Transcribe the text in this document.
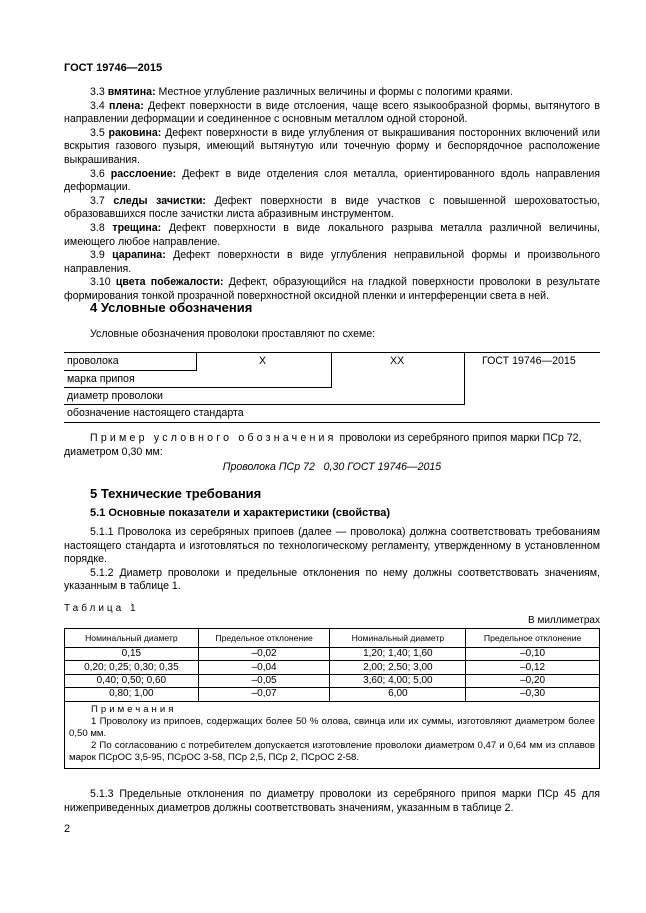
ГОСТ 19746—2015
3.3 вмятина: Местное углубление различных величины и формы с пологими краями.
3.4 плена: Дефект поверхности в виде отслоения, чаще всего языкообразной формы, вытянутого в направлении деформации и соединенное с основным металлом одной стороной.
3.5 раковина: Дефект поверхности в виде углубления от выкрашивания посторонних включений или вскрытия газового пузыря, имеющий вытянутую или точечную форму и беспорядочное расположение выкрашивания.
3.6 расслоение: Дефект в виде отделения слоя металла, ориентированного вдоль направления деформации.
3.7 следы зачистки: Дефект поверхности в виде участков с повышенной шероховатостью, образовавшихся после зачистки листа абразивным инструментом.
3.8 трещина: Дефект поверхности в виде локального разрыва металла различной величины, имеющего любое направление.
3.9 царапина: Дефект поверхности в виде углубления неправильной формы и произвольного направления.
3.10 цвета побежалости: Дефект, образующийся на гладкой поверхности проволоки в результате формирования тонкой прозрачной поверхностной оксидной пленки и интерференции света в ней.
4 Условные обозначения
Условные обозначения проволоки проставляют по схеме:
проволока	X	XX	ГОСТ 19746—2015
марка припоя
диаметр проволоки
обозначение настоящего стандарта
Пример условного обозначения проволоки из серебряного припоя марки ПСр 72, диаметром 0,30 мм:
Проволока ПСр 72   0,30 ГОСТ 19746—2015
5 Технические требования
5.1 Основные показатели и характеристики (свойства)
5.1.1 Проволока из серебряных припоев (далее — проволока) должна соответствовать требованиям настоящего стандарта и изготовляться по технологическому регламенту, утвержденному в установленном порядке.
5.1.2 Диаметр проволоки и предельные отклонения по нему должны соответствовать значениям, указанным в таблице 1.
Таблица 1
В миллиметрах
Номинальный диаметр	Предельное отклонение	Номинальный диаметр	Предельное отклонение
0,15	–0,02	1,20; 1,40; 1,60	–0,10
0,20; 0,25; 0,30; 0,35	–0,04	2,00; 2,50; 3,00	–0,12
0,40; 0,50; 0,60	–0,05	3,60; 4,00; 5,00	–0,20
0,80; 1,00	–0,07	6,00	–0,30

Примечания
1 Проволоку из припоев, содержащих более 50 % олова, свинца или их суммы, изготовляют диаметром более 0,50 мм.
2 По согласованию с потребителем допускается изготовление проволоки диаметром 0,47 и 0,64 мм из сплавов марок ПСрОС 3,5-95, ПСрОС 3-58, ПСр 2,5, ПСр 2, ПСрОС 2-58.			
5.1.3 Предельные отклонения по диаметру проволоки из серебряного припоя марки ПСр 45 для нижеприведенных диаметров должны соответствовать значениям, указанным в таблице 2.
2
